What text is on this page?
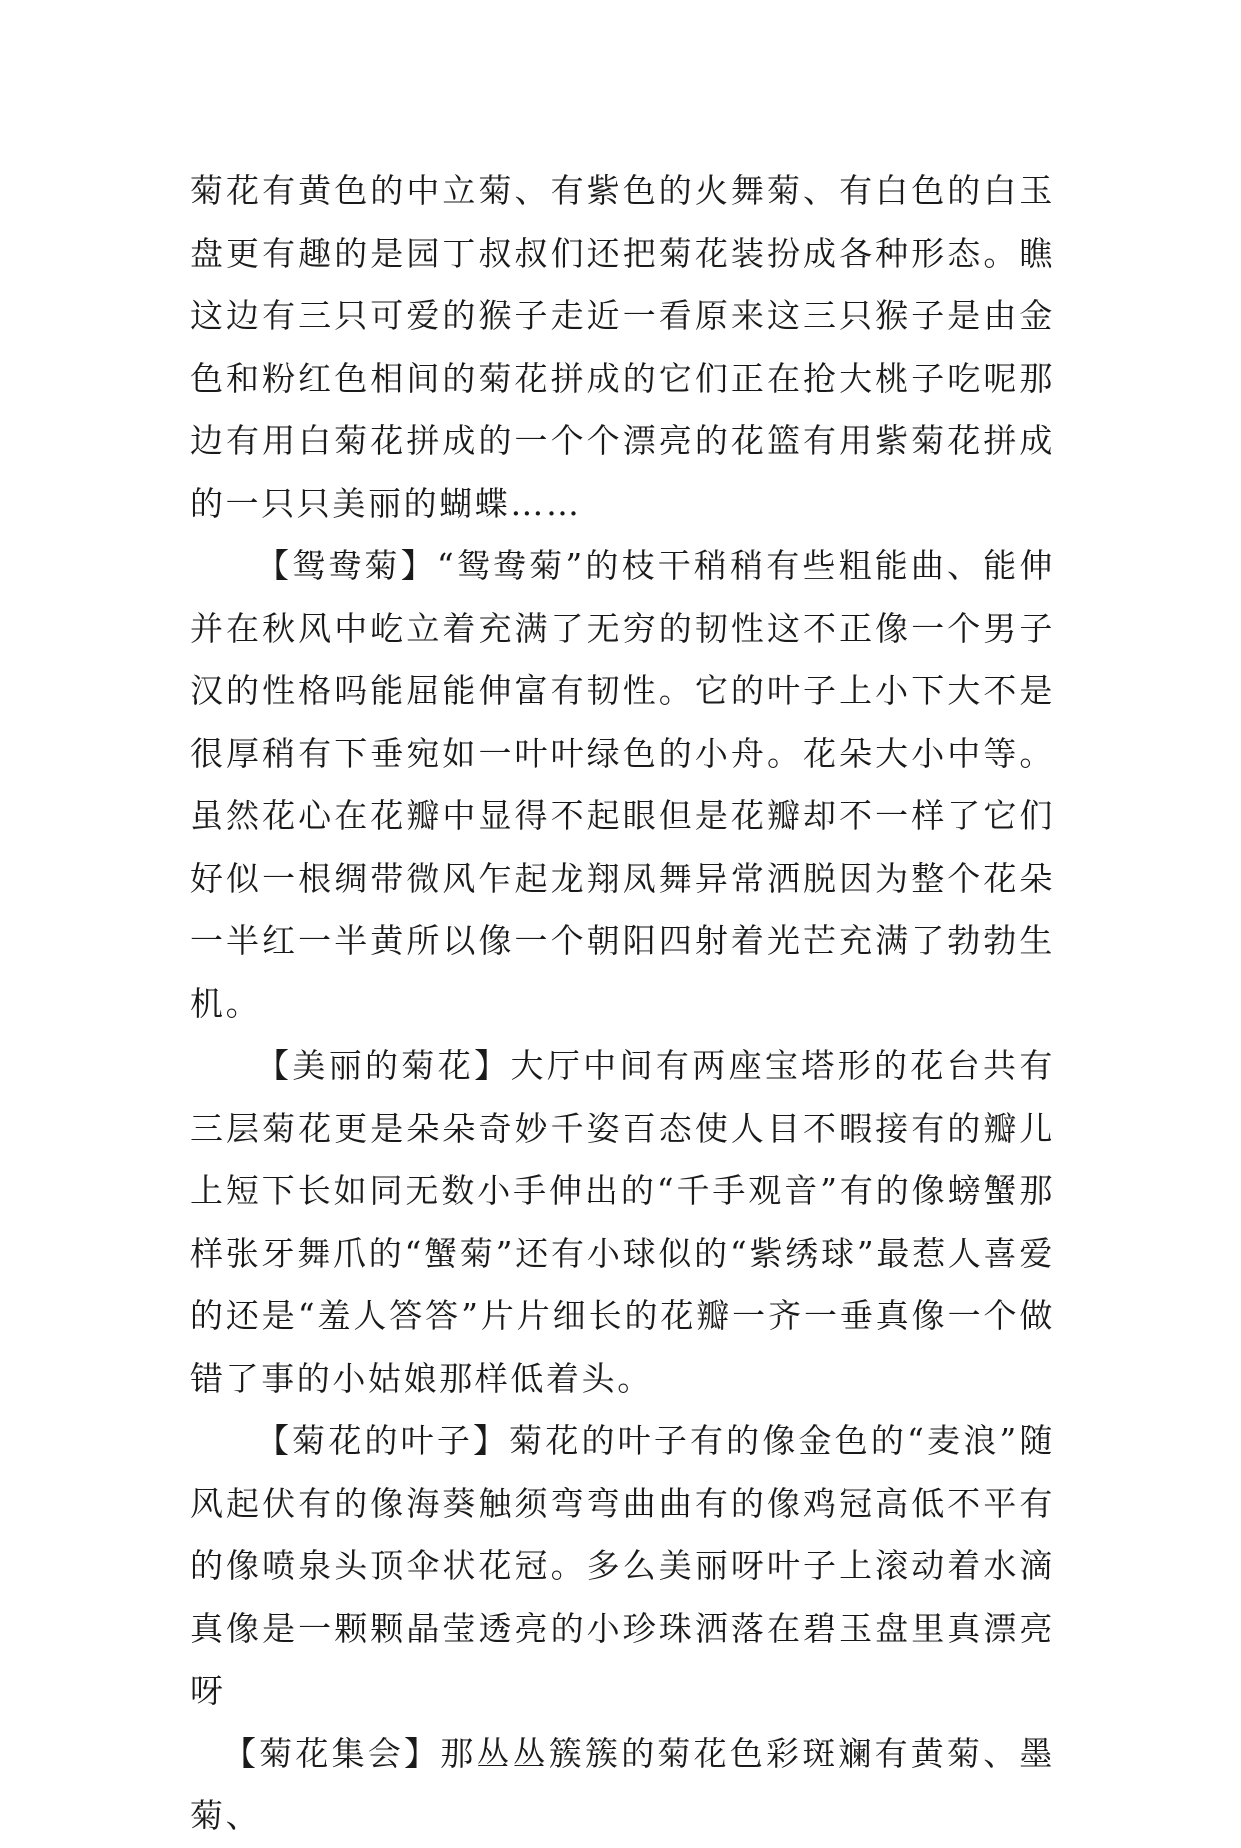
菊花有黄色的中立菊、有紫色的火舞菊、有白色的白玉盘更有趣的是园丁叔叔们还把菊花装扮成各种形态。瞧这边有三只可爱的猴子走近一看原来这三只猴子是由金色和粉红色相间的菊花拼成的它们正在抢大桃子吃呢那边有用白菊花拼成的一个个漂亮的花篮有用紫菊花拼成的一只只美丽的蝴蝶……

【鸳鸯菊】“鸳鸯菊”的枝干稍稍有些粗能曲、能伸并在秋风中屹立着充满了无穷的韧性这不正像一个男子汉的性格吗能屈能伸富有韧性。它的叶子上小下大不是很厚稍有下垂宛如一叶叶绿色的小舟。花朵大小中等。虽然花心在花瓣中显得不起眼但是花瓣却不一样了它们好似一根绸带微风乍起龙翔凤舞异常洒脱因为整个花朵一半红一半黄所以像一个朝阳四射着光芒充满了勃勃生机。

【美丽的菊花】大厅中间有两座宝塔形的花台共有三层菊花更是朵朵奇妙千姿百态使人目不暇接有的瓣儿上短下长如同无数小手伸出的“千手观音”有的像螃蟹那样张牙舞爪的“蟹菊”还有小球似的“紫绣球”最惹人喜爱的还是“羞人答答”片片细长的花瓣一齐一垂真像一个做错了事的小姑娘那样低着头。

【菊花的叶子】菊花的叶子有的像金色的“麦浪”随风起伏有的像海葵触须弯弯曲曲有的像鸡冠高低不平有的像喷泉头顶伞状花冠。多么美丽呀叶子上滚动着水滴真像是一颗颗晶莹透亮的小珍珠洒落在碧玉盘里真漂亮呀

【菊花集会】那丛丛簇簇的菊花色彩斑斓有黄菊、墨菊、
